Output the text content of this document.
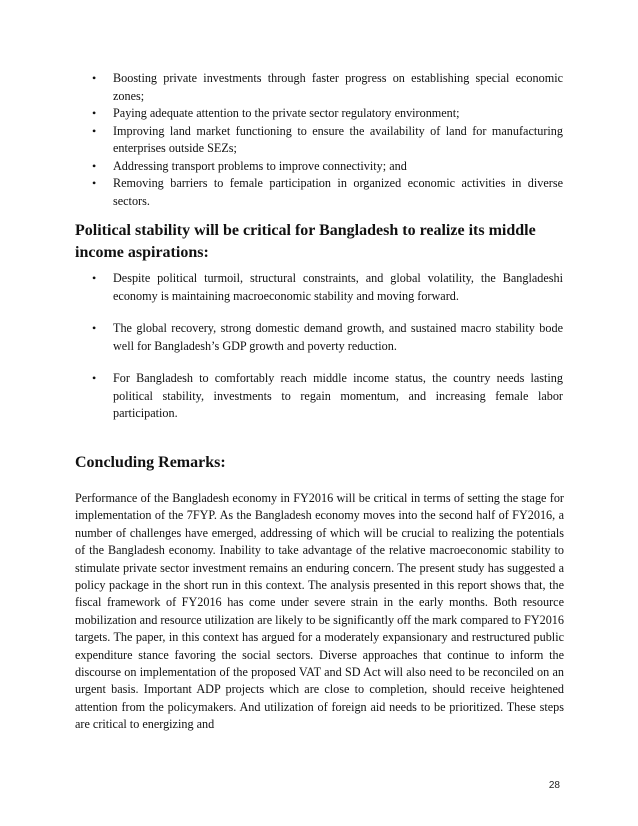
• Boosting private investments through faster progress on establishing special economic zones;
• Paying adequate attention to the private sector regulatory environment;
• Improving land market functioning to ensure the availability of land for manufacturing enterprises outside SEZs;
• Addressing transport problems to improve connectivity; and
• Removing barriers to female participation in organized economic activities in diverse sectors.
Political stability will be critical for Bangladesh to realize its middle income aspirations:
• Despite political turmoil, structural constraints, and global volatility, the Bangladeshi economy is maintaining macroeconomic stability and moving forward.
• The global recovery, strong domestic demand growth, and sustained macro stability bode well for Bangladesh’s GDP growth and poverty reduction.
• For Bangladesh to comfortably reach middle income status, the country needs lasting political stability, investments to regain momentum, and increasing female labor participation.
Concluding Remarks:

Performance of the Bangladesh economy in FY2016 will be critical in terms of setting the stage for implementation of the 7FYP. As the Bangladesh economy moves into the second half of FY2016, a number of challenges have emerged, addressing of which will be crucial to realizing the potentials of the Bangladesh economy. Inability to take advantage of the relative macroeconomic stability to stimulate private sector investment remains an enduring concern. The present study has suggested a policy package in the short run in this context. The analysis presented in this report shows that, the fiscal framework of FY2016 has come under severe strain in the early months. Both resource mobilization and resource utilization are likely to be significantly off the mark compared to FY2016 targets. The paper, in this context has argued for a moderately expansionary and restructured public expenditure stance favoring the social sectors. Diverse approaches that continue to inform the discourse on implementation of the proposed VAT and SD Act will also need to be reconciled on an urgent basis. Important ADP projects which are close to completion, should receive heightened attention from the policymakers. And utilization of foreign aid needs to be prioritized. These steps are critical to energizing and

28
